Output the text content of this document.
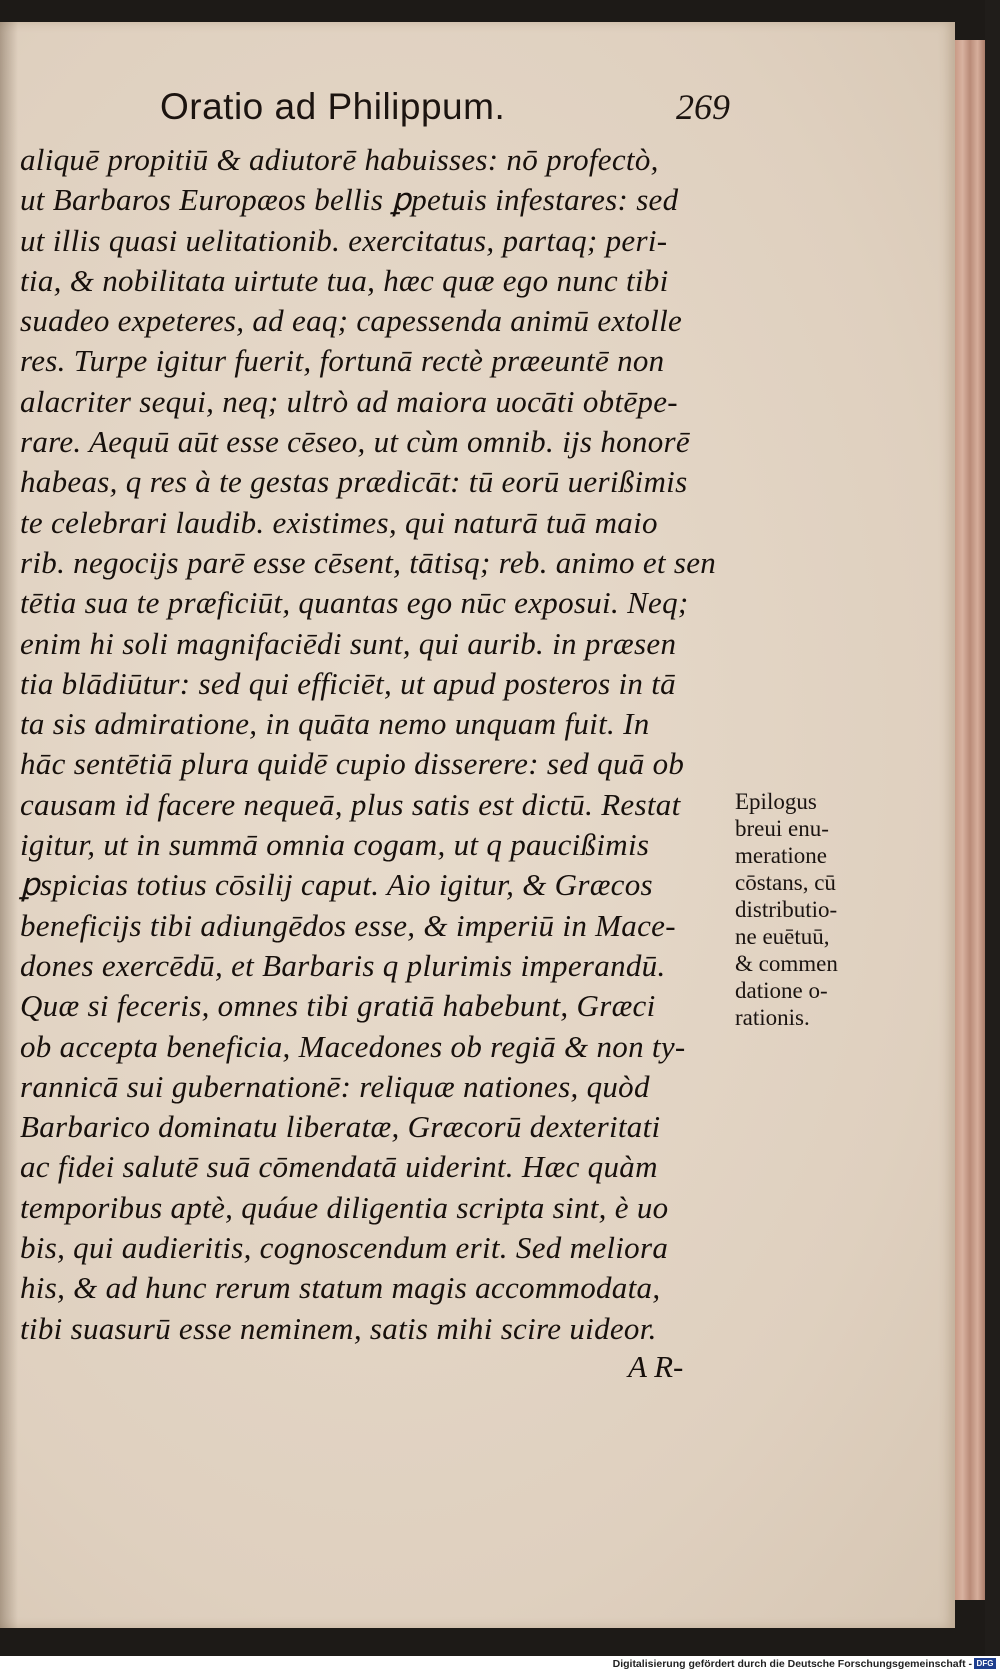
Oratio ad Philippum.	269
aliquē propitiū & adiutorē habuisses: nō profectò,
ut Barbaros Europæos bellis ꝑpetuis infestares: sed
ut illis quasi uelitationib. exercitatus, partaq; peri-
tia, & nobilitata uirtute tua, hæc quæ ego nunc tibi
suadeo expeteres, ad eaq; capessenda animū extolle
res. Turpe igitur fuerit, fortunā rectè præeuntē non
alacriter sequi, neq; ultrò ad maiora uocāti obtēpe-
rare. Aequū aūt esse cēseo, ut cùm omnib. ijs honorē
habeas, q res à te gestas prædicāt: tū eorū uerißimis
te celebrari laudib. existimes, qui naturā tuā maio
rib. negocijs parē esse cēsent, tātisq; reb. animo et sen
tētia sua te præficiūt, quantas ego nūc exposui. Neq;
enim hi soli magnifaciēdi sunt, qui aurib. in præsen
tia blādiūtur: sed qui efficiēt, ut apud posteros in tā
ta sis admiratione, in quāta nemo unquam fuit. In
hāc sentētiā plura quidē cupio disserere: sed quā ob
causam id facere nequeā, plus satis est dictū. Restat
igitur, ut in summā omnia cogam, ut q paucißimis
ꝑspicias totius cōsilij caput. Aio igitur, & Græcos
beneficijs tibi adiungēdos esse, & imperiū in Mace-
dones exercēdū, et Barbaris q plurimis imperandū.
Quæ si feceris, omnes tibi gratiā habebunt, Græci
ob accepta beneficia, Macedones ob regiā & non ty-
rannicā sui gubernationē: reliquæ nationes, quòd
Barbarico dominatu liberatæ, Græcorū dexteritati
ac fidei salutē suā cōmendatā uiderint. Hæc quàm
temporibus aptè, quáue diligentia scripta sint, è uo
bis, qui audieritis, cognoscendum erit. Sed meliora
his, & ad hunc rerum statum magis accommodata,
tibi suasurū esse neminem, satis mihi scire uideor.
A R-
Epilogus
breui enu-
meratione
cōstans, cū
distributio-
ne euētuū,
& commen
datione o-
rationis.
Digitalisierung gefördert durch die Deutsche Forschungsgemeinschaft - DFG
